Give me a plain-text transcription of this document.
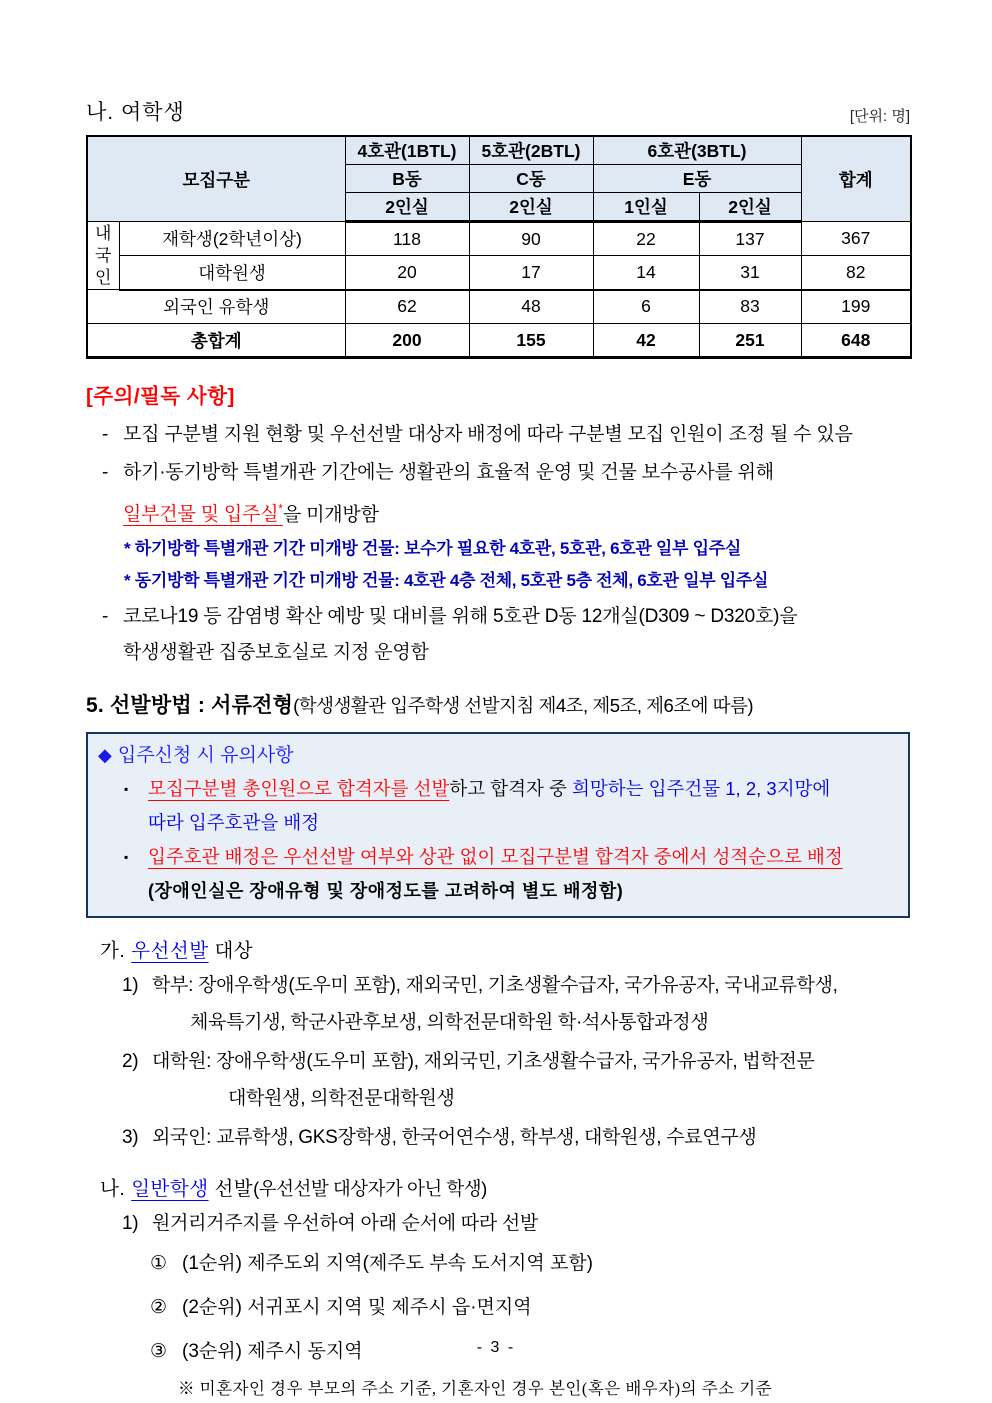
나. 여학생	[단위: 명]
모집구분		4호관(1BTL)	5호관(2BTL)	6호관(3BTL)		합계
		B동	C동	E동		
		2인실	2인실	1인실	2인실	
내국인	재학생(2학년이상)	118	90	22	137	367
	대학원생	20	17	14	31	82
외국인 유학생		62	48	6	83	199
총합계		200	155	42	251	648
[주의/필독 사항]
- 모집 구분별 지원 현황 및 우선선발 대상자 배정에 따라 구분별 모집 인원이 조정 될 수 있음
- 하기·동기방학 특별개관 기간에는 생활관의 효율적 운영 및 건물 보수공사를 위해
일부건물 및 입주실*을 미개방함
* 하기방학 특별개관 기간 미개방 건물: 보수가 필요한 4호관, 5호관, 6호관 일부 입주실
* 동기방학 특별개관 기간 미개방 건물: 4호관 4층 전체, 5호관 5층 전체, 6호관 일부 입주실
- 코로나19 등 감염병 확산 예방 및 대비를 위해 5호관 D동 12개실(D309 ~ D320호)을
학생생활관 집중보호실로 지정 운영함
5. 선발방법 : 서류전형(학생생활관 입주학생 선발지침 제4조, 제5조, 제6조에 따름)
◆ 입주신청 시 유의사항
▪	모집구분별 총인원으로 합격자를 선발하고 합격자 중 희망하는 입주건물 1, 2, 3지망에
따라 입주호관을 배정
▪	입주호관 배정은 우선선발 여부와 상관 없이 모집구분별 합격자 중에서 성적순으로 배정
(장애인실은 장애유형 및 장애정도를 고려하여 별도 배정함)
가. 우선선발 대상
1) 학부: 장애우학생(도우미 포함), 재외국민, 기초생활수급자, 국가유공자, 국내교류학생,
체육특기생, 학군사관후보생, 의학전문대학원 학·석사통합과정생
2) 대학원: 장애우학생(도우미 포함), 재외국민, 기초생활수급자, 국가유공자, 법학전문
대학원생, 의학전문대학원생
3) 외국인: 교류학생, GKS장학생, 한국어연수생, 학부생, 대학원생, 수료연구생
나. 일반학생 선발(우선선발 대상자가 아닌 학생)
1) 원거리거주지를 우선하여 아래 순서에 따라 선발
① (1순위) 제주도외 지역(제주도 부속 도서지역 포함)
② (2순위) 서귀포시 지역 및 제주시 읍·면지역
③ (3순위) 제주시 동지역
※ 미혼자인 경우 부모의 주소 기준, 기혼자인 경우 본인(혹은 배우자)의 주소 기준
- 3 -
